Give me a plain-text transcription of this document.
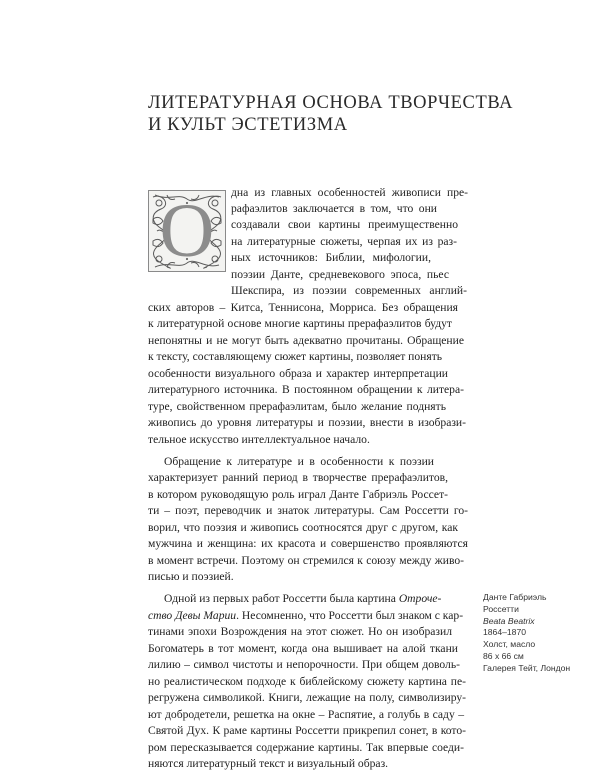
ЛИТЕРАТУРНАЯ ОСНОВА ТВОРЧЕСТВА
И КУЛЬТ ЭСТЕТИЗМА
О	дна из главных особенностей живописи пре-
рафаэлитов заключается в том, что они
создавали свои картины преимущественно
на литературные сюжеты, черпая их из раз-
ных источников: Библии, мифологии,
поэзии Данте, средневекового эпоса, пьес
Шекспира, из поэзии современных англий-
ских авторов – Китса, Теннисона, Морриса. Без обращения
к литературной основе многие картины прерафаэлитов будут
непонятны и не могут быть адекватно прочитаны. Обращение
к тексту, составляющему сюжет картины, позволяет понять
особенности визуального образа и характер интерпретации
литературного источника. В постоянном обращении к литера-
туре, свойственном прерафаэлитам, было желание поднять
живопись до уровня литературы и поэзии, внести в изобрази-
тельное искусство интеллектуальное начало.
Обращение к литературе и в особенности к поэзии
характеризует ранний период в творчестве прерафаэлитов,
в котором руководящую роль играл Данте Габриэль Россет-
ти – поэт, переводчик и знаток литературы. Сам Россетти го-
ворил, что поэзия и живопись соотносятся друг с другом, как
мужчина и женщина: их красота и совершенство проявляются
в момент встречи. Поэтому он стремился к союзу между живо-
писью и поэзией.
Одной из первых работ Россетти была картина Отроче-
ство Девы Марии. Несомненно, что Россетти был знаком с кар-
тинами эпохи Возрождения на этот сюжет. Но он изобразил
Богоматерь в тот момент, когда она вышивает на алой ткани
лилию – символ чистоты и непорочности. При общем доволь-
но реалистическом подходе к библейскому сюжету картина пе-
регружена символикой. Книги, лежащие на полу, символизиру-
ют добродетели, решетка на окне – Распятие, а голубь в саду –
Святой Дух. К раме картины Россетти прикрепил сонет, в кото-
ром пересказывается содержание картины. Так впервые соеди-
няются литературный текст и визуальный образ.
Данте Габриэль
Россетти
Beata Beatrix
1864–1870
Холст, масло
86 х 66 см
Галерея Тейт, Лондон
